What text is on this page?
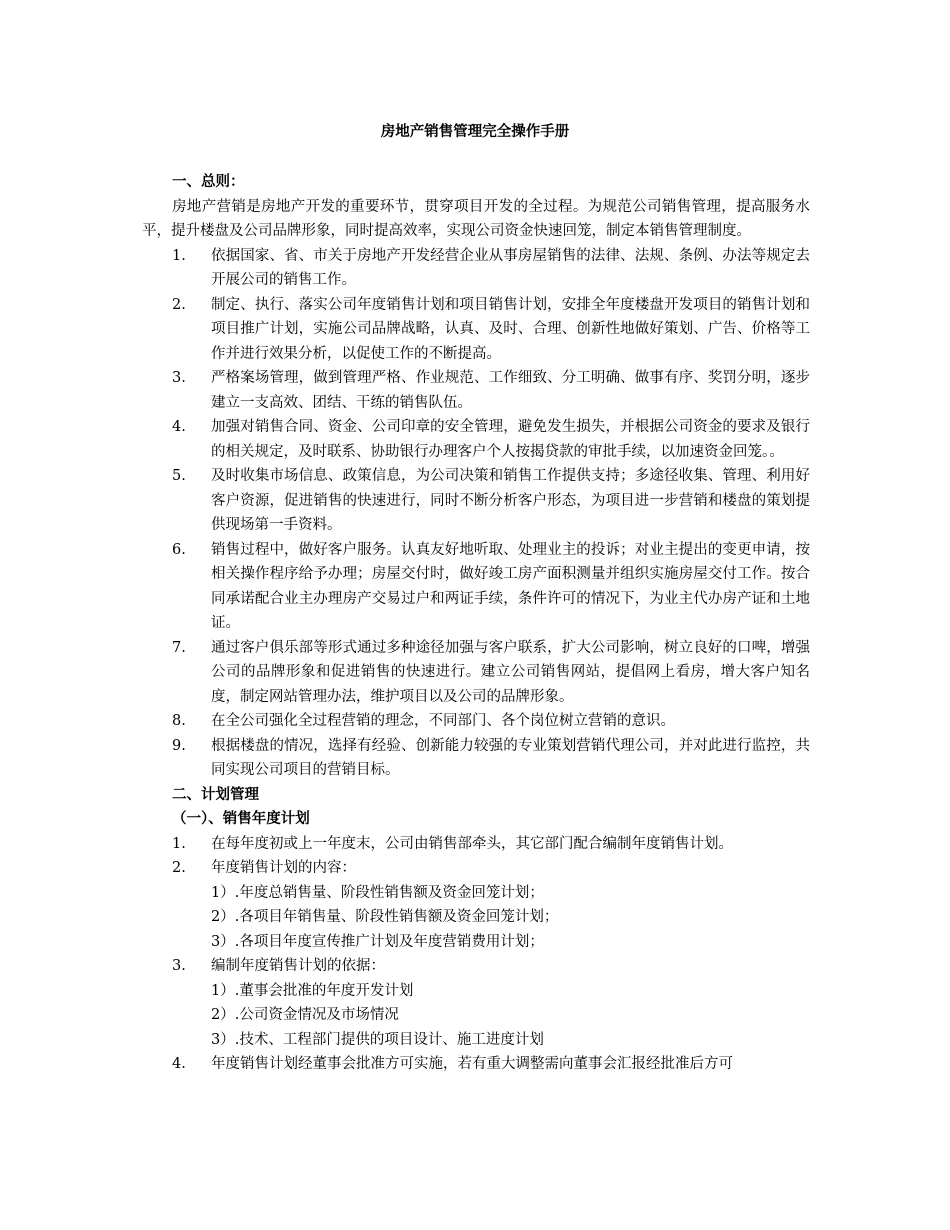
房地产销售管理完全操作手册
一、总则：
房地产营销是房地产开发的重要环节，贯穿项目开发的全过程。为规范公司销售管理，提高服务水平，提升楼盘及公司品牌形象，同时提高效率，实现公司资金快速回笼，制定本销售管理制度。
1.	依据国家、省、市关于房地产开发经营企业从事房屋销售的法律、法规、条例、办法等规定去开展公司的销售工作。
2.	制定、执行、落实公司年度销售计划和项目销售计划，安排全年度楼盘开发项目的销售计划和项目推广计划，实施公司品牌战略，认真、及时、合理、创新性地做好策划、广告、价格等工作并进行效果分析，以促使工作的不断提高。
3.	严格案场管理，做到管理严格、作业规范、工作细致、分工明确、做事有序、奖罚分明，逐步建立一支高效、团结、干练的销售队伍。
4.	加强对销售合同、资金、公司印章的安全管理，避免发生损失，并根据公司资金的要求及银行的相关规定，及时联系、协助银行办理客户个人按揭贷款的审批手续，以加速资金回笼。。
5.	及时收集市场信息、政策信息，为公司决策和销售工作提供支持；多途径收集、管理、利用好客户资源，促进销售的快速进行，同时不断分析客户形态，为项目进一步营销和楼盘的策划提供现场第一手资料。
6.	销售过程中，做好客户服务。认真友好地听取、处理业主的投诉；对业主提出的变更申请，按相关操作程序给予办理；房屋交付时，做好竣工房产面积测量并组织实施房屋交付工作。按合同承诺配合业主办理房产交易过户和两证手续，条件许可的情况下，为业主代办房产证和土地证。
7.	通过客户俱乐部等形式通过多种途径加强与客户联系，扩大公司影响，树立良好的口啤，增强公司的品牌形象和促进销售的快速进行。建立公司销售网站，提倡网上看房，增大客户知名度，制定网站管理办法，维护项目以及公司的品牌形象。
8.	在全公司强化全过程营销的理念，不同部门、各个岗位树立营销的意识。
9.	根据楼盘的情况，选择有经验、创新能力较强的专业策划营销代理公司，并对此进行监控，共同实现公司项目的营销目标。
二、计划管理
（一）、销售年度计划
1.	在每年度初或上一年度末，公司由销售部牵头，其它部门配合编制年度销售计划。
2.	年度销售计划的内容：
1）.年度总销售量、阶段性销售额及资金回笼计划；
2）.各项目年销售量、阶段性销售额及资金回笼计划；
3）.各项目年度宣传推广计划及年度营销费用计划；
3.	编制年度销售计划的依据：
1）.董事会批准的年度开发计划
2）.公司资金情况及市场情况
3）.技术、工程部门提供的项目设计、施工进度计划
4.	年度销售计划经董事会批准方可实施，若有重大调整需向董事会汇报经批准后方可
